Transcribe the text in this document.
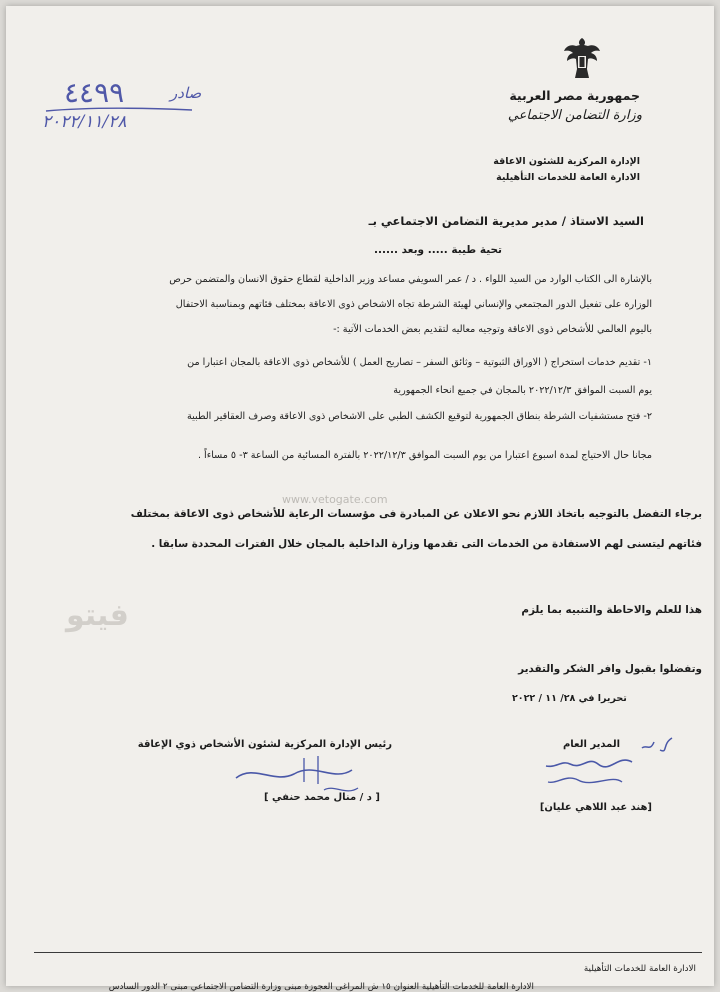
جمهورية مصر العربية
وزارة التضامن الاجتماعي
الإدارة المركزية للشئون الاعاقة
الادارة العامة للخدمات التأهيلية
٤٤٩٩	صادر
٢٠٢٢/١١/٢٨
السيد الاستاذ / مدير مديرية التضامن الاجتماعي بـ
تحية طيبة ..... وبعد ......
بالإشارة الى الكتاب الوارد من السيد اللواء . د / عمر السويفي مساعد وزير الداخلية لقطاع حقوق الانسان والمتضمن حرص
الوزارة على تفعيل الدور المجتمعي والإنساني لهيئة الشرطة تجاه الاشخاص ذوى الاعاقة بمختلف فئاتهم وبمناسبة الاحتفال
باليوم العالمي للأشخاص ذوى الاعاقة وتوجيه معاليه لتقديم بعض الخدمات الآتية :-
١- تقديم خدمات استخراج ( الاوراق الثبوتية – وثائق السفر – تصاريح العمل ) للأشخاص ذوى الاعاقة بالمجان اعتبارا من
يوم السبت الموافق ٢٠٢٢/١٢/٣ بالمجان في جميع انحاء الجمهورية
٢- فتح مستشفيات الشرطة بنطاق الجمهورية لتوقيع الكشف الطبي على الاشخاص ذوى الاعاقة وصرف العقاقير الطبية
مجانا حال الاحتياج لمدة اسبوع اعتبارا من يوم السبت الموافق ٢٠٢٢/١٢/٣ بالفترة المسائية من الساعة ٣- ٥ مساءاً .
www.vetogate.com
برجاء التفضل بالتوجيه باتخاذ اللازم نحو الاعلان عن المبادرة فى مؤسسات الرعاية للأشخاص ذوى الاعاقة بمختلف
فئاتهم ليتسنى لهم الاستفادة من الخدمات التى تقدمها وزارة الداخلية بالمجان خلال الفترات المحددة سابقا .
فيتو	هذا للعلم والاحاطة والتنبيه بما يلزم
وتفضلوا بقبول وافر الشكر والتقدير
تحريرا في ٢٨/ ١١ / ٢٠٢٢
المدير العام
رئيس الإدارة المركزية لشئون الأشخاص ذوي الإعاقة
[هند عبد اللاهي عليان]
[ د / منال محمد حنفي ]
الادارة العامة للخدمات التأهيلية
الادارة العامة للخدمات التأهيلية العنوان ١٥ ش المراغى العجوزة مبنى وزارة التضامن الاجتماعي مبنى ٢ الدور السادس
